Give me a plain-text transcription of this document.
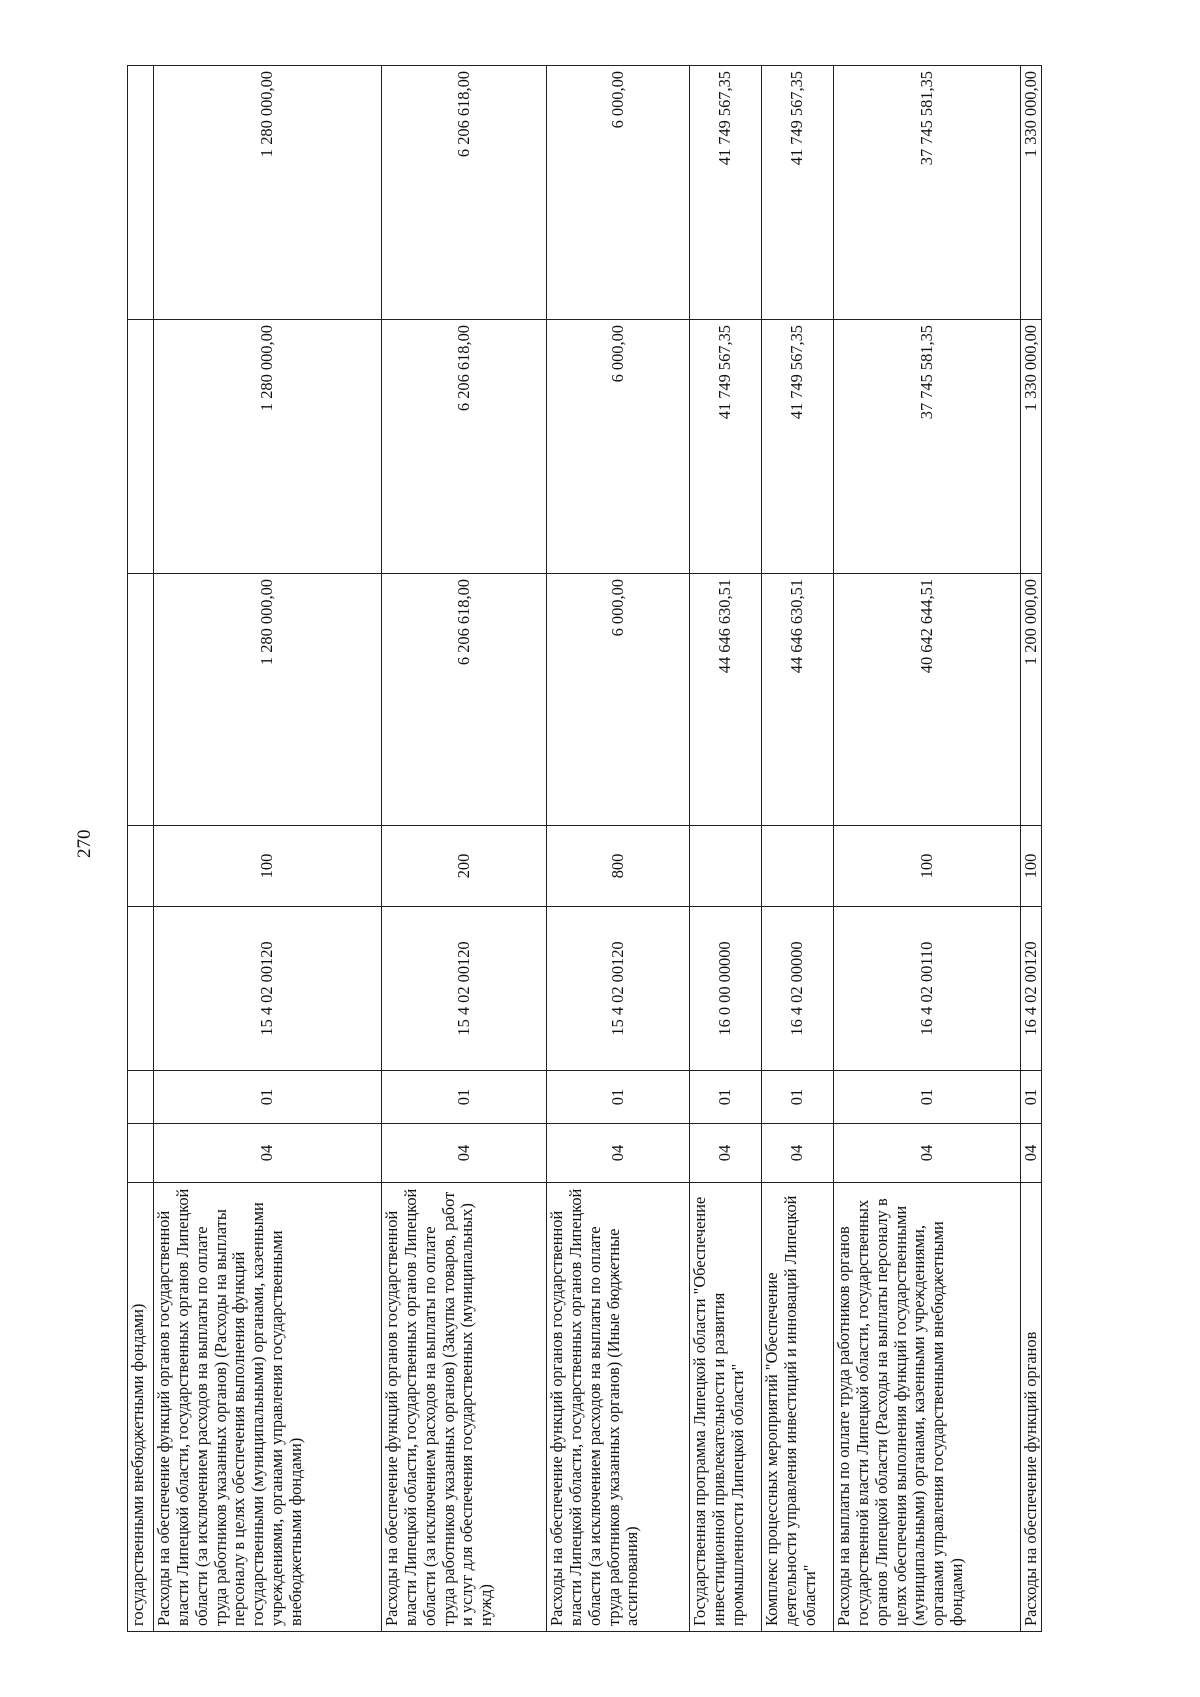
270
государственными внебюджетными фондами)							
Расходы на обеспечение функций органов государственной власти Липецкой области, государственных органов Липецкой области (за исключением расходов на выплаты по оплате труда работников указанных органов) (Расходы на выплаты персоналу в целях обеспечения выполнения функций государственными (муниципальными) органами, казенными учреждениями, органами управления государственными внебюджетными фондами)	04	01	15 4 02 00120	100	1 280 000,00	1 280 000,00	1 280 000,00
Расходы на обеспечение функций органов государственной власти Липецкой области, государственных органов Липецкой области (за исключением расходов на выплаты по оплате труда работников указанных органов) (Закупка товаров, работ и услуг для обеспечения государственных (муниципальных) нужд)	04	01	15 4 02 00120	200	6 206 618,00	6 206 618,00	6 206 618,00
Расходы на обеспечение функций органов государственной власти Липецкой области, государственных органов Липецкой области (за исключением расходов на выплаты по оплате труда работников указанных органов) (Иные бюджетные ассигнования)	04	01	15 4 02 00120	800	6 000,00	6 000,00	6 000,00
Государственная программа Липецкой области "Обеспечение инвестиционной привлекательности и развития промышленности Липецкой области"	04	01	16 0 00 00000		44 646 630,51	41 749 567,35	41 749 567,35
Комплекс процессных мероприятий "Обеспечение деятельности управления инвестиций и инноваций Липецкой области"	04	01	16 4 02 00000		44 646 630,51	41 749 567,35	41 749 567,35
Расходы на выплаты по оплате труда работников органов государственной власти Липецкой области, государственных органов Липецкой области (Расходы на выплаты персоналу в целях обеспечения выполнения функций государственными (муниципальными) органами, казенными учреждениями, органами управления государственными внебюджетными фондами)	04	01	16 4 02 00110	100	40 642 644,51	37 745 581,35	37 745 581,35
Расходы на обеспечение функций органов	04	01	16 4 02 00120	100	1 200 000,00	1 330 000,00	1 330 000,00
